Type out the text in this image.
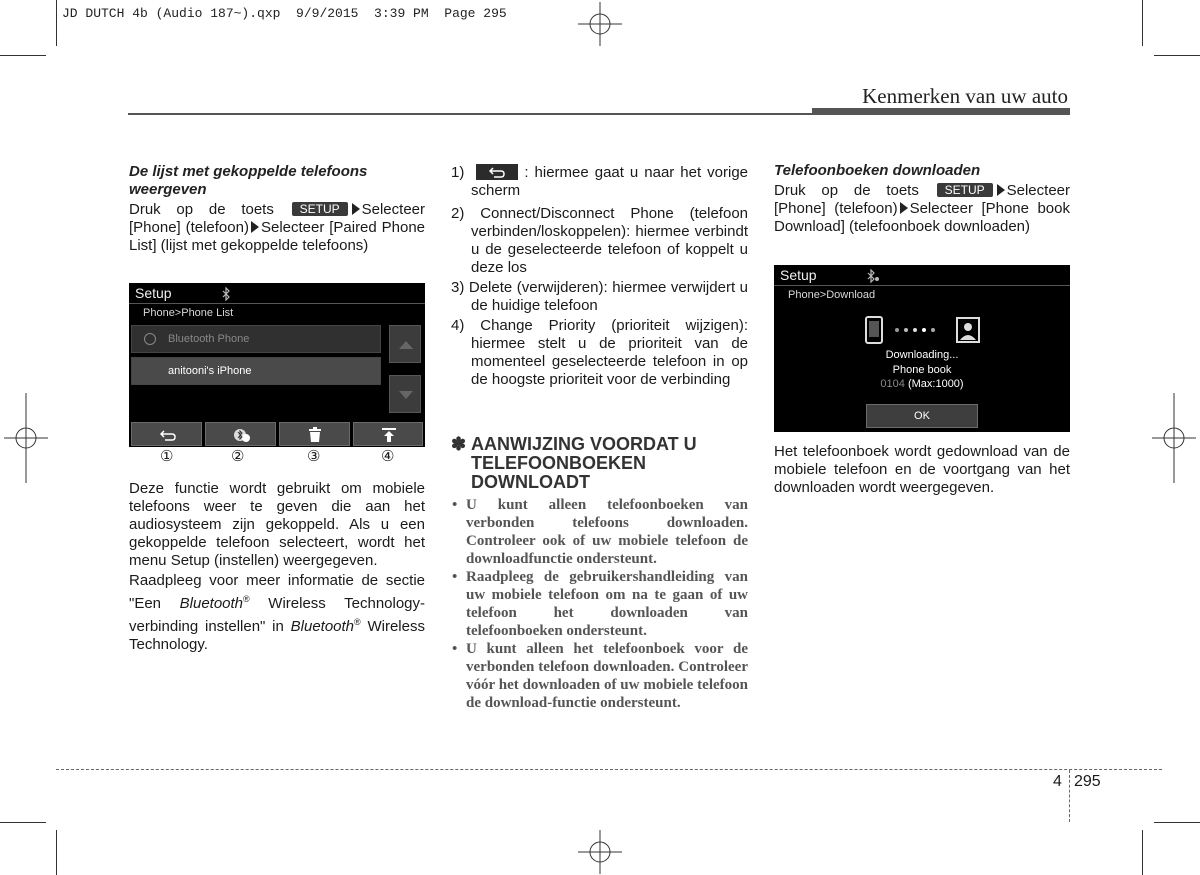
JD DUTCH 4b (Audio 187~).qxp  9/9/2015  3:39 PM  Page 295
Kenmerken van uw auto
De lijst met gekoppelde telefoons weergeven

Druk op de toets SETUP Selecteer [Phone] (telefoon) Selecteer [Paired Phone List] (lijst met gekoppelde telefoons)

Setup
Phone>Phone List
Bluetooth Phone
anitooni's iPhone
①	②	③	④

Deze functie wordt gebruikt om mobiele telefoons weer te geven die aan het audiosysteem zijn gekoppeld. Als u een gekoppelde telefoon selecteert, wordt het menu Setup (instellen) weergegeven.

Raadpleeg voor meer informatie de sectie "Een Bluetooth® Wireless Technology-verbinding instellen" in Bluetooth® Wireless Technology.

1)	: hiermee gaat u naar het vorige scherm

2) Connect/Disconnect Phone (telefoon verbinden/loskoppelen): hiermee verbindt u de geselecteerde telefoon of koppelt u deze los

3) Delete (verwijderen): hiermee verwijdert u de huidige telefoon

4) Change Priority (prioriteit wijzigen): hiermee stelt u de prioriteit van de momenteel geselecteerde telefoon in op de hoogste prioriteit voor de verbinding

✽ AANWIJZING VOORDAT U TELEFOONBOEKEN DOWNLOADT
• U kunt alleen telefoonboeken van verbonden telefoons downloaden. Controleer ook of uw mobiele telefoon de downloadfunctie ondersteunt.
• Raadpleeg de gebruikershandleiding van uw mobiele telefoon om na te gaan of uw telefoon het downloaden van telefoonboeken ondersteunt.
• U kunt alleen het telefoonboek voor de verbonden telefoon downloaden. Controleer vóór het downloaden of uw mobiele telefoon de download-functie ondersteunt.
Telefoonboeken downloaden

Druk op de toets SETUP Selecteer [Phone] (telefoon) Selecteer [Phone book Download] (telefoonboek downloaden)

Setup
Phone>Download
Downloading...
Phone book
0104 (Max:1000)
OK

Het telefoonboek wordt gedownload van de mobiele telefoon en de voortgang van het downloaden wordt weergegeven.

4 295
